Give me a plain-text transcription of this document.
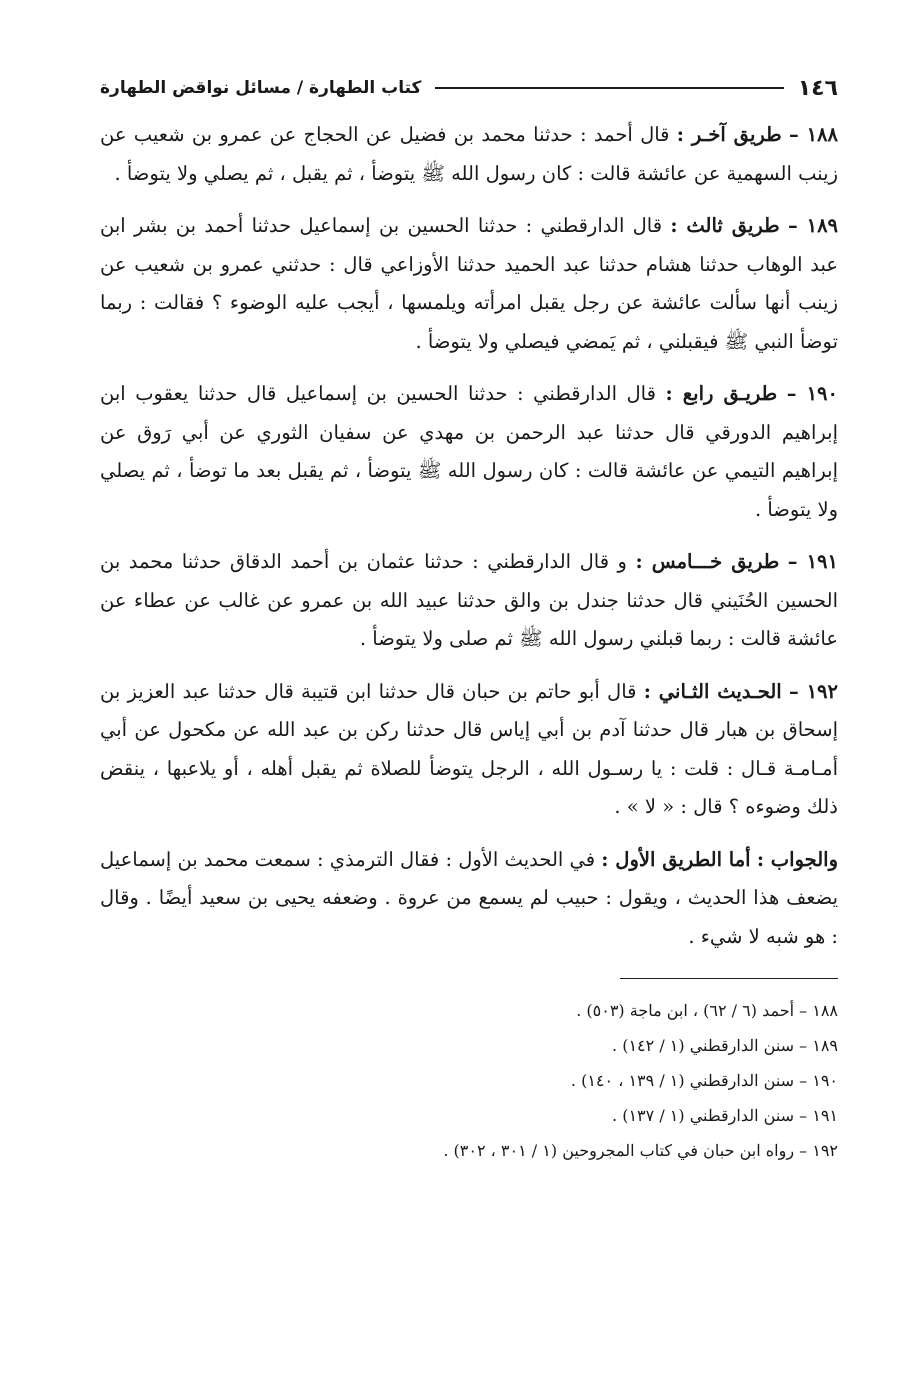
١٤٦
كتاب الطهارة / مسائل نواقض الطهارة

١٨٨ – طريق آخـر : قال أحمد : حدثنا محمد بن فضيل عن الحجاج عن عمرو بن شعيب عن زينب السهمية عن عائشة قالت : كان رسول الله ﷺ يتوضأ ، ثم يقبل ، ثم يصلي ولا يتوضأ .

١٨٩ – طريق ثالث : قال الدارقطني : حدثنا الحسين بن إسماعيل حدثنا أحمد بن بشر ابن عبد الوهاب حدثنا هشام حدثنا عبد الحميد حدثنا الأوزاعي قال : حدثني عمرو بن شعيب عن زينب أنها سألت عائشة عن رجل يقبل امرأته ويلمسها ، أيجب عليه الوضوء ؟ فقالت : ربما توضأ النبي ﷺ فيقبلني ، ثم يَمضي فيصلي ولا يتوضأ .

١٩٠ – طريـق رابع : قال الدارقطني : حدثنا الحسين بن إسماعيل قال حدثنا يعقوب ابن إبراهيم الدورقي قال حدثنا عبد الرحمن بن مهدي عن سفيان الثوري عن أبي رَوق عن إبراهيم التيمي عن عائشة قالت : كان رسول الله ﷺ يتوضأ ، ثم يقبل بعد ما توضأ ، ثم يصلي ولا يتوضأ .

١٩١ – طريق خـــامس : و قال الدارقطني : حدثنا عثمان بن أحمد الدقاق حدثنا محمد بن الحسين الحُنَيني قال حدثنا جندل بن والق حدثنا عبيد الله بن عمرو عن غالب عن عطاء عن عائشة قالت : ربما قبلني رسول الله ﷺ ثم صلى ولا يتوضأ .

١٩٢ – الحـديث الثـاني : قال أبو حاتم بن حبان قال حدثنا ابن قتيبة قال حدثنا عبد العزيز بن إسحاق بن هبار قال حدثنا آدم بن أبي إياس قال حدثنا ركن بن عبد الله عن مكحول عن أبي أمـامـة قـال : قلت : يا رسـول الله ، الرجل يتوضأ للصلاة ثم يقبل أهله ، أو يلاعبها ، ينقض ذلك وضوءه ؟ قال : « لا » .

والجواب : أما الطريق الأول : في الحديث الأول : فقال الترمذي : سمعت محمد بن إسماعيل يضعف هذا الحديث ، ويقول : حبيب لم يسمع من عروة . وضعفه يحيى بن سعيد أيضًا . وقال : هو شبه لا شيء .

١٨٨ – أحمد (٦ / ٦٢) ، ابن ماجة (٥٠٣) .
١٨٩ – سنن الدارقطني (١ / ١٤٢) .
١٩٠ – سنن الدارقطني (١ / ١٣٩ ، ١٤٠) .
١٩١ – سنن الدارقطني (١ / ١٣٧) .
١٩٢ – رواه ابن حبان في كتاب المجروحين (١ / ٣٠١ ، ٣٠٢) .
